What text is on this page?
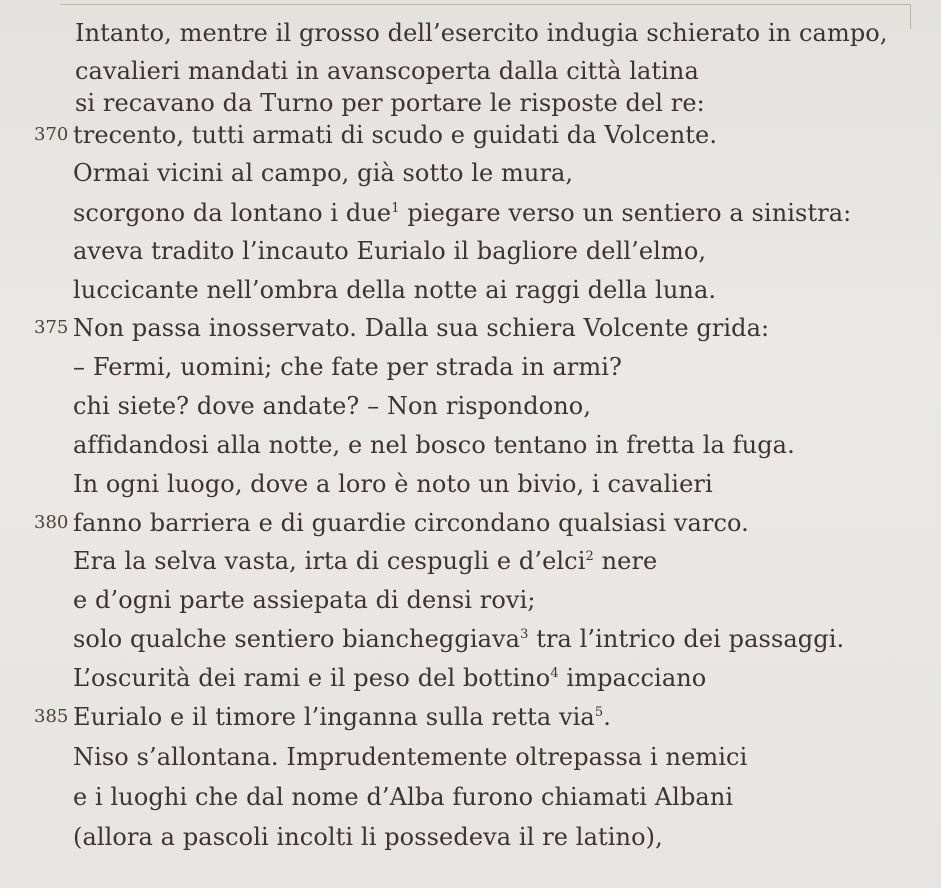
370
375
380
385
Intanto, mentre il grosso dell’esercito indugia schierato in campo,
cavalieri mandati in avanscoperta dalla città latina
si recavano da Turno per portare le risposte del re:
trecento, tutti armati di scudo e guidati da Volcente.
Ormai vicini al campo, già sotto le mura,
scorgono da lontano i due$^1$ piegare verso un sentiero a sinistra:
aveva tradito l’incauto Eurialo il bagliore dell’elmo,
luccicante nell’ombra della notte ai raggi della luna.
Non passa inosservato. Dalla sua schiera Volcente grida:
– Fermi, uomini; che fate per strada in armi?
chi siete? dove andate? – Non rispondono,
affidandosi alla notte, e nel bosco tentano in fretta la fuga.
In ogni luogo, dove a loro è noto un bivio, i cavalieri
fanno barriera e di guardie circondano qualsiasi varco.
Era la selva vasta, irta di cespugli e d’elci$^2$ nere
e d’ogni parte assiepata di densi rovi;
solo qualche sentiero biancheggiava$^3$ tra l’intrico dei passaggi.
L’oscurità dei rami e il peso del bottino$^4$ impacciano
Eurialo e il timore l’inganna sulla retta via$^5$.
Niso s’allontana. Imprudentemente oltrepassa i nemici
e i luoghi che dal nome d’Alba furono chiamati Albani
(allora a pascoli incolti li possedeva il re latino),
